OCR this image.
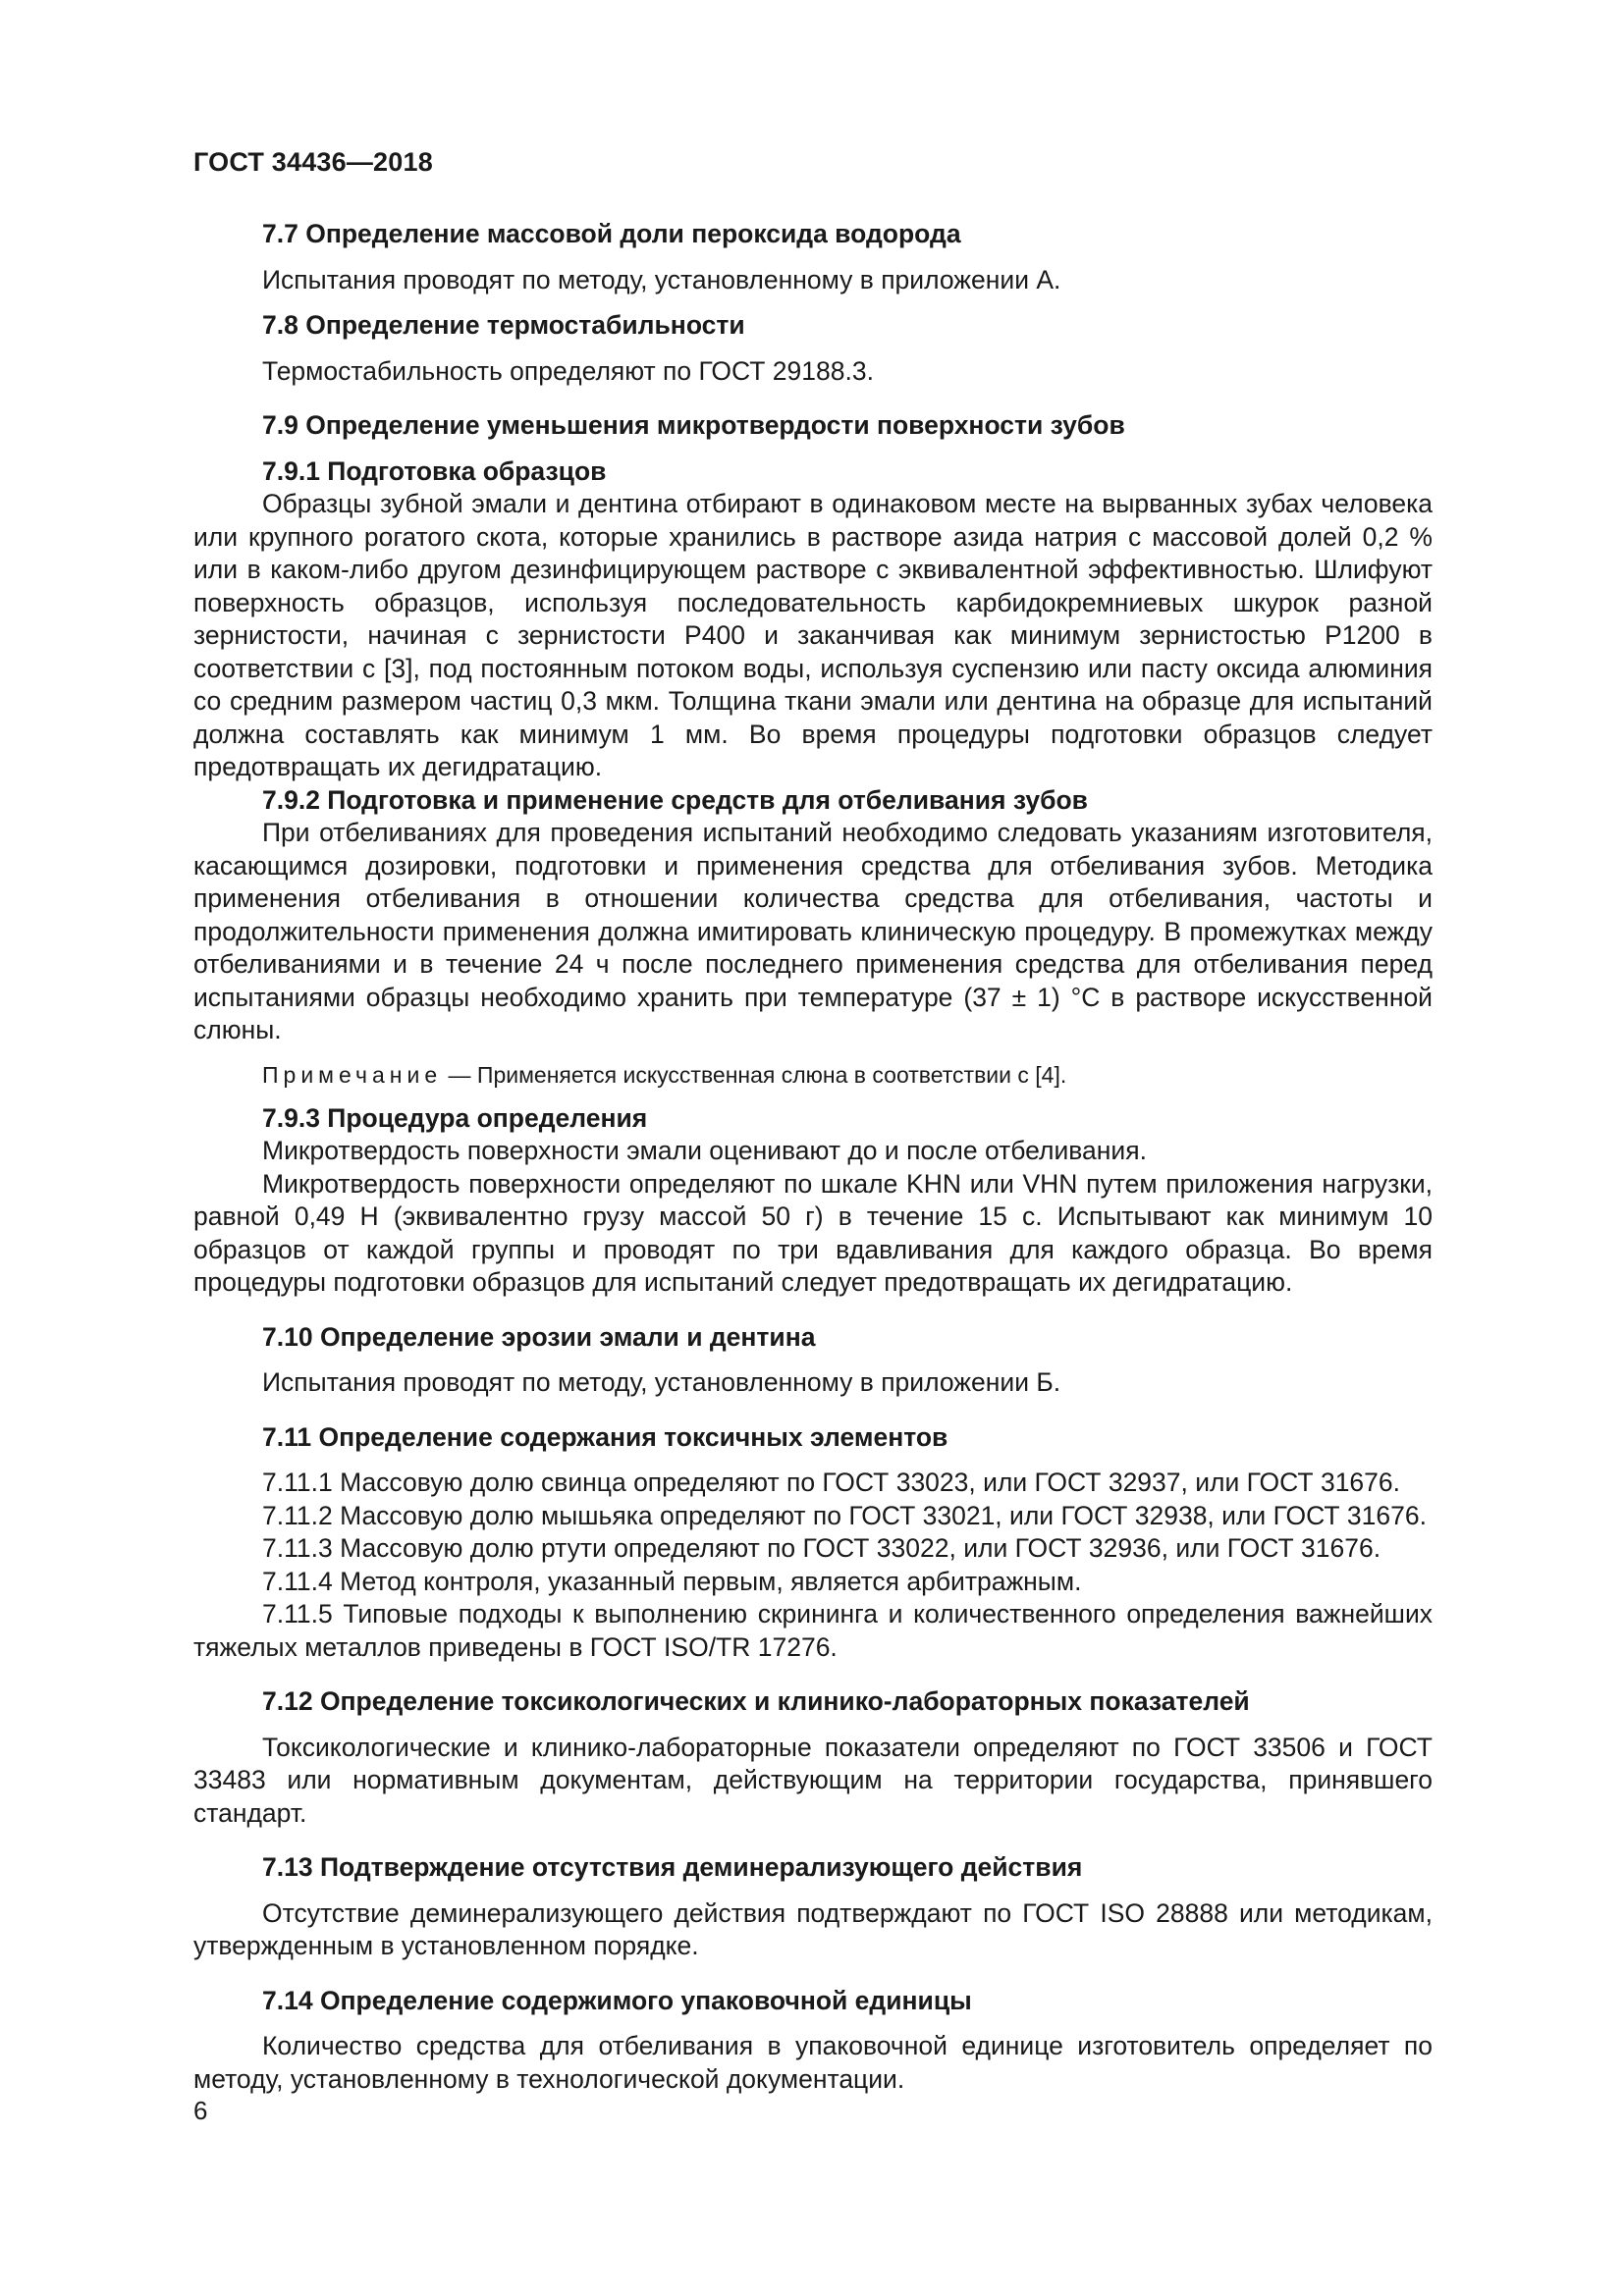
ГОСТ 34436—2018

7.7 Определение массовой доли пероксида водорода

Испытания проводят по методу, установленному в приложении А.

7.8 Определение термостабильности

Термостабильность определяют по ГОСТ 29188.3.

7.9 Определение уменьшения микротвердости поверхности зубов

7.9.1 Подготовка образцов

Образцы зубной эмали и дентина отбирают в одинаковом месте на вырванных зубах человека или крупного рогатого скота, которые хранились в растворе азида натрия с массовой долей 0,2 % или в каком-либо другом дезинфицирующем растворе с эквивалентной эффективностью. Шлифуют поверхность образцов, используя последовательность карбидокремниевых шкурок разной зернистости, начиная с зернистости Р400 и заканчивая как минимум зернистостью Р1200 в соответствии с [3], под постоянным потоком воды, используя суспензию или пасту оксида алюминия со средним размером частиц 0,3 мкм. Толщина ткани эмали или дентина на образце для испытаний должна составлять как минимум 1 мм. Во время процедуры подготовки образцов следует предотвращать их дегидратацию.

7.9.2 Подготовка и применение средств для отбеливания зубов

При отбеливаниях для проведения испытаний необходимо следовать указаниям изготовителя, касающимся дозировки, подготовки и применения средства для отбеливания зубов. Методика применения отбеливания в отношении количества средства для отбеливания, частоты и продолжительности применения должна имитировать клиническую процедуру. В промежутках между отбеливаниями и в течение 24 ч после последнего применения средства для отбеливания перед испытаниями образцы необходимо хранить при температуре (37 ± 1) °С в растворе искусственной слюны.

Примечание — Применяется искусственная слюна в соответствии с [4].

7.9.3 Процедура определения

Микротвердость поверхности эмали оценивают до и после отбеливания.

Микротвердость поверхности определяют по шкале KHN или VHN путем приложения нагрузки, равной 0,49 Н (эквивалентно грузу массой 50 г) в течение 15 с. Испытывают как минимум 10 образцов от каждой группы и проводят по три вдавливания для каждого образца. Во время процедуры подготовки образцов для испытаний следует предотвращать их дегидратацию.

7.10 Определение эрозии эмали и дентина

Испытания проводят по методу, установленному в приложении Б.

7.11 Определение содержания токсичных элементов

7.11.1 Массовую долю свинца определяют по ГОСТ 33023, или ГОСТ 32937, или ГОСТ 31676.

7.11.2 Массовую долю мышьяка определяют по ГОСТ 33021, или ГОСТ 32938, или ГОСТ 31676.

7.11.3 Массовую долю ртути определяют по ГОСТ 33022, или ГОСТ 32936, или ГОСТ 31676.

7.11.4 Метод контроля, указанный первым, является арбитражным.

7.11.5 Типовые подходы к выполнению скрининга и количественного определения важнейших тяжелых металлов приведены в ГОСТ ISO/TR 17276.

7.12 Определение токсикологических и клинико-лабораторных показателей

Токсикологические и клинико-лабораторные показатели определяют по ГОСТ 33506 и ГОСТ 33483 или нормативным документам, действующим на территории государства, принявшего стандарт.

7.13 Подтверждение отсутствия деминерализующего действия

Отсутствие деминерализующего действия подтверждают по ГОСТ ISO 28888 или методикам, утвержденным в установленном порядке.

7.14 Определение содержимого упаковочной единицы

Количество средства для отбеливания в упаковочной единице изготовитель определяет по методу, установленному в технологической документации.

6
